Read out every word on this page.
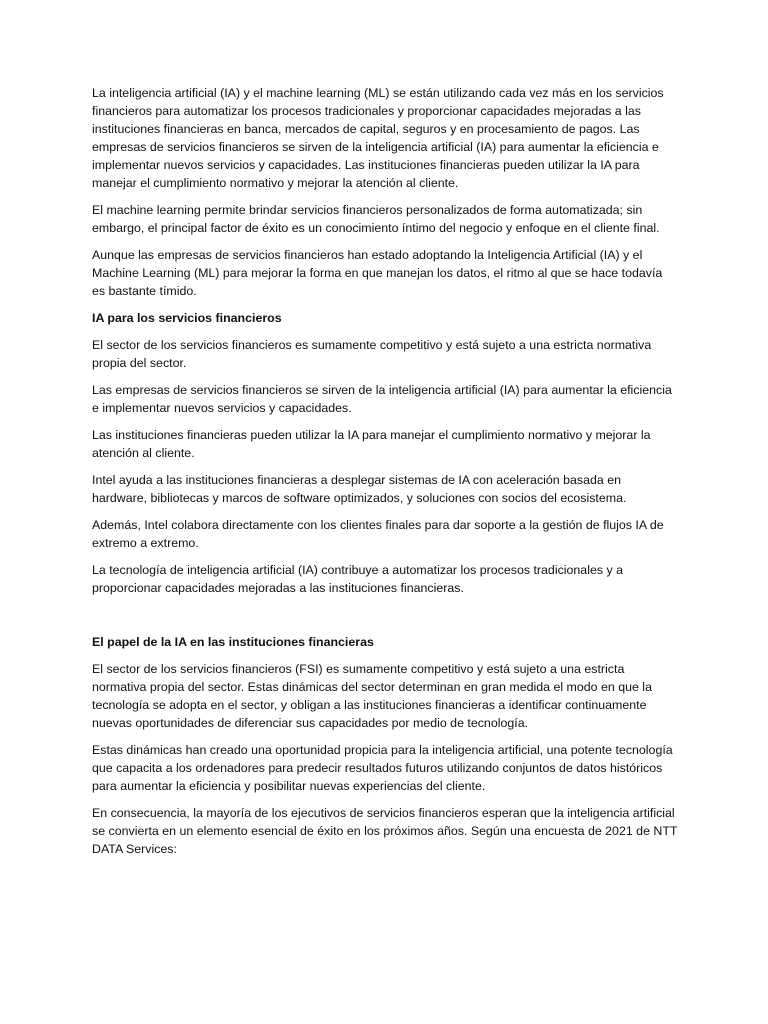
La inteligencia artificial (IA) y el machine learning (ML) se están utilizando cada vez más en los servicios financieros para automatizar los procesos tradicionales y proporcionar capacidades mejoradas a las instituciones financieras en banca, mercados de capital, seguros y en procesamiento de pagos. Las empresas de servicios financieros se sirven de la inteligencia artificial (IA) para aumentar la eficiencia e implementar nuevos servicios y capacidades. Las instituciones financieras pueden utilizar la IA para manejar el cumplimiento normativo y mejorar la atención al cliente.

El machine learning permite brindar servicios financieros personalizados de forma automatizada; sin embargo, el principal factor de éxito es un conocimiento íntimo del negocio y enfoque en el cliente final.

Aunque las empresas de servicios financieros han estado adoptando la Inteligencia Artificial (IA) y el Machine Learning (ML) para mejorar la forma en que manejan los datos, el ritmo al que se hace todavía es bastante tímido.

IA para los servicios financieros

El sector de los servicios financieros es sumamente competitivo y está sujeto a una estricta normativa propia del sector.

Las empresas de servicios financieros se sirven de la inteligencia artificial (IA) para aumentar la eficiencia e implementar nuevos servicios y capacidades.

Las instituciones financieras pueden utilizar la IA para manejar el cumplimiento normativo y mejorar la atención al cliente.

Intel ayuda a las instituciones financieras a desplegar sistemas de IA con aceleración basada en hardware, bibliotecas y marcos de software optimizados, y soluciones con socios del ecosistema.

Además, Intel colabora directamente con los clientes finales para dar soporte a la gestión de flujos IA de extremo a extremo.

La tecnología de inteligencia artificial (IA) contribuye a automatizar los procesos tradicionales y a proporcionar capacidades mejoradas a las instituciones financieras.

El papel de la IA en las instituciones financieras

El sector de los servicios financieros (FSI) es sumamente competitivo y está sujeto a una estricta normativa propia del sector. Estas dinámicas del sector determinan en gran medida el modo en que la tecnología se adopta en el sector, y obligan a las instituciones financieras a identificar continuamente nuevas oportunidades de diferenciar sus capacidades por medio de tecnología.

Estas dinámicas han creado una oportunidad propicia para la inteligencia artificial, una potente tecnología que capacita a los ordenadores para predecir resultados futuros utilizando conjuntos de datos históricos para aumentar la eficiencia y posibilitar nuevas experiencias del cliente.

En consecuencia, la mayoría de los ejecutivos de servicios financieros esperan que la inteligencia artificial se convierta en un elemento esencial de éxito en los próximos años. Según una encuesta de 2021 de NTT DATA Services:
